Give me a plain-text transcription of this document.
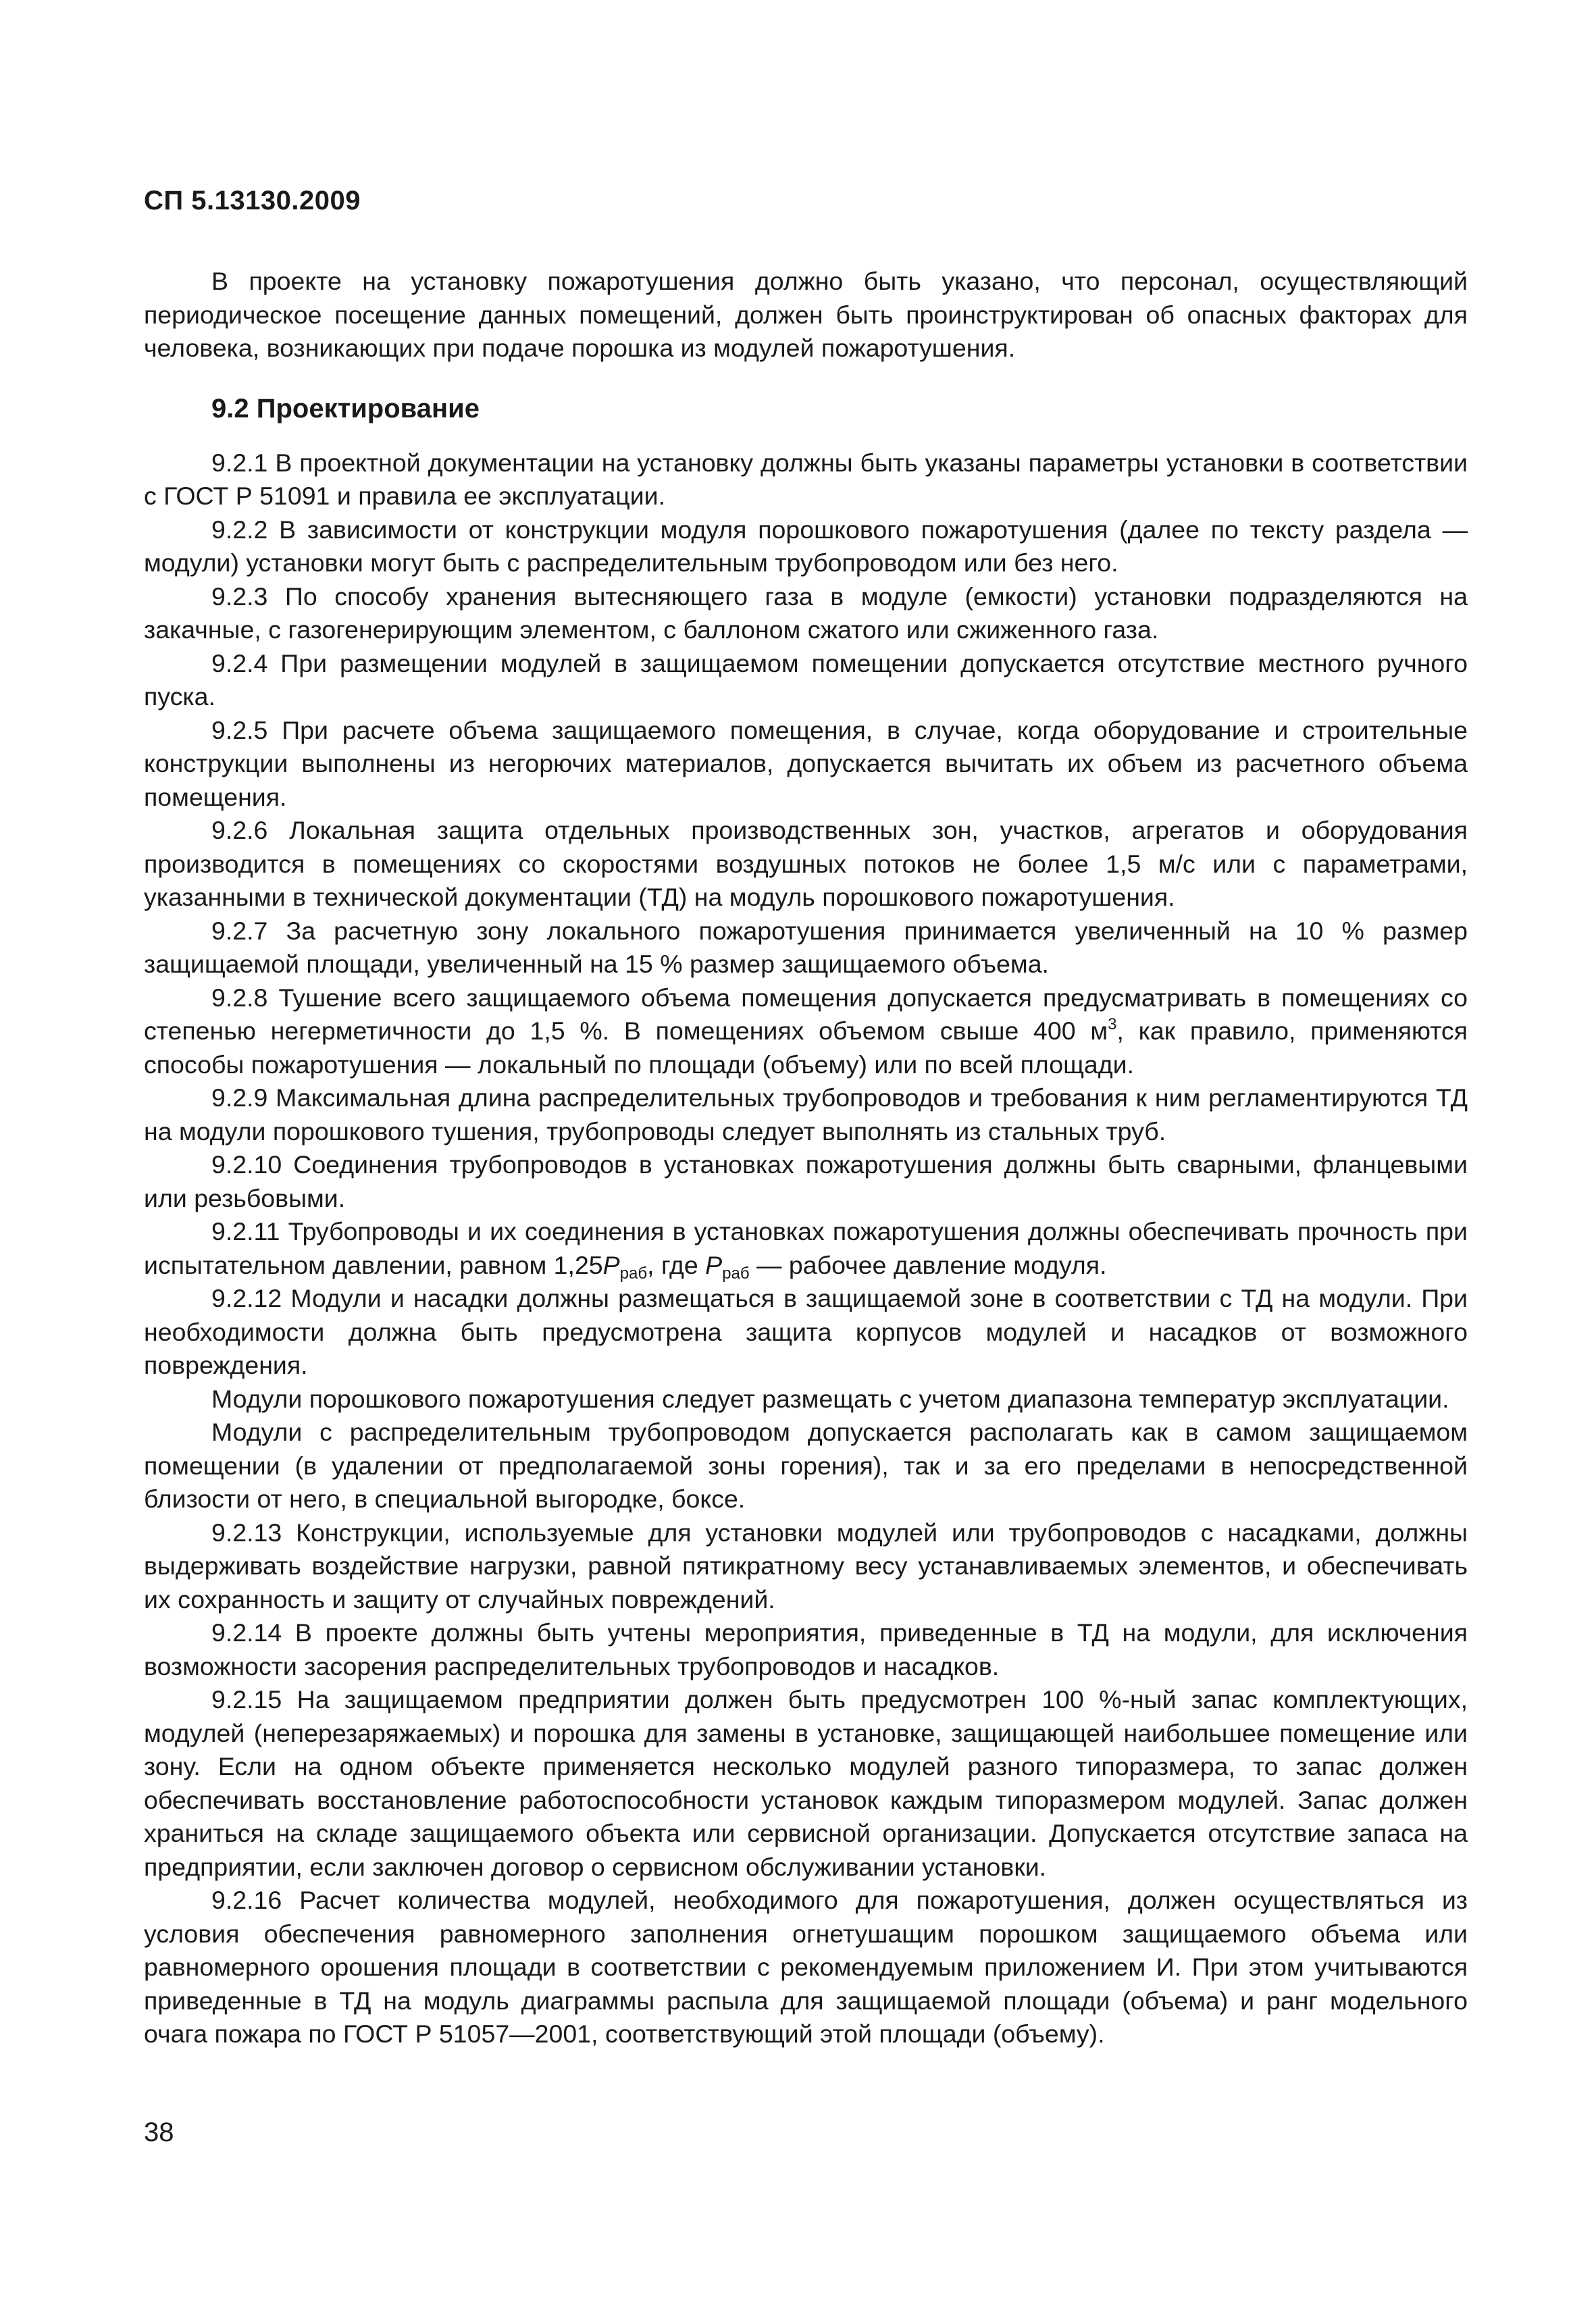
СП 5.13130.2009

В проекте на установку пожаротушения должно быть указано, что персонал, осуществляющий периодическое посещение данных помещений, должен быть проинструктирован об опасных факторах для человека, возникающих при подаче порошка из модулей пожаротушения.

9.2 Проектирование

9.2.1 В проектной документации на установку должны быть указаны параметры установки в соответствии с ГОСТ Р 51091 и правила ее эксплуатации.

9.2.2 В зависимости от конструкции модуля порошкового пожаротушения (далее по тексту раздела — модули) установки могут быть с распределительным трубопроводом или без него.

9.2.3 По способу хранения вытесняющего газа в модуле (емкости) установки подразделяются на закачные, с газогенерирующим элементом, с баллоном сжатого или сжиженного газа.

9.2.4 При размещении модулей в защищаемом помещении допускается отсутствие местного ручного пуска.

9.2.5 При расчете объема защищаемого помещения, в случае, когда оборудование и строительные конструкции выполнены из негорючих материалов, допускается вычитать их объем из расчетного объема помещения.

9.2.6 Локальная защита отдельных производственных зон, участков, агрегатов и оборудования производится в помещениях со скоростями воздушных потоков не более 1,5 м/с или с параметрами, указанными в технической документации (ТД) на модуль порошкового пожаротушения.

9.2.7 За расчетную зону локального пожаротушения принимается увеличенный на 10 % размер защищаемой площади, увеличенный на 15 % размер защищаемого объема.

9.2.8 Тушение всего защищаемого объема помещения допускается предусматривать в помещениях со степенью негерметичности до 1,5 %. В помещениях объемом свыше 400 $м^3$, как правило, применяются способы пожаротушения — локальный по площади (объему) или по всей площади.

9.2.9 Максимальная длина распределительных трубопроводов и требования к ним регламентируются ТД на модули порошкового тушения, трубопроводы следует выполнять из стальных труб.

9.2.10 Соединения трубопроводов в установках пожаротушения должны быть сварными, фланцевыми или резьбовыми.

9.2.11 Трубопроводы и их соединения в установках пожаротушения должны обеспечивать прочность при испытательном давлении, равном $1,25P_{раб}$, где $P_{раб}$ — рабочее давление модуля.

9.2.12 Модули и насадки должны размещаться в защищаемой зоне в соответствии с ТД на модули. При необходимости должна быть предусмотрена защита корпусов модулей и насадков от возможного повреждения.

Модули порошкового пожаротушения следует размещать с учетом диапазона температур эксплуатации.

Модули с распределительным трубопроводом допускается располагать как в самом защищаемом помещении (в удалении от предполагаемой зоны горения), так и за его пределами в непосредственной близости от него, в специальной выгородке, боксе.

9.2.13 Конструкции, используемые для установки модулей или трубопроводов с насадками, должны выдерживать воздействие нагрузки, равной пятикратному весу устанавливаемых элементов, и обеспечивать их сохранность и защиту от случайных повреждений.

9.2.14 В проекте должны быть учтены мероприятия, приведенные в ТД на модули, для исключения возможности засорения распределительных трубопроводов и насадков.

9.2.15 На защищаемом предприятии должен быть предусмотрен 100 %-ный запас комплектующих, модулей (неперезаряжаемых) и порошка для замены в установке, защищающей наибольшее помещение или зону. Если на одном объекте применяется несколько модулей разного типоразмера, то запас должен обеспечивать восстановление работоспособности установок каждым типоразмером модулей. Запас должен храниться на складе защищаемого объекта или сервисной организации. Допускается отсутствие запаса на предприятии, если заключен договор о сервисном обслуживании установки.

9.2.16 Расчет количества модулей, необходимого для пожаротушения, должен осуществляться из условия обеспечения равномерного заполнения огнетушащим порошком защищаемого объема или равномерного орошения площади в соответствии с рекомендуемым приложением И. При этом учитываются приведенные в ТД на модуль диаграммы распыла для защищаемой площади (объема) и ранг модельного очага пожара по ГОСТ Р 51057—2001, соответствующий этой площади (объему).

38
